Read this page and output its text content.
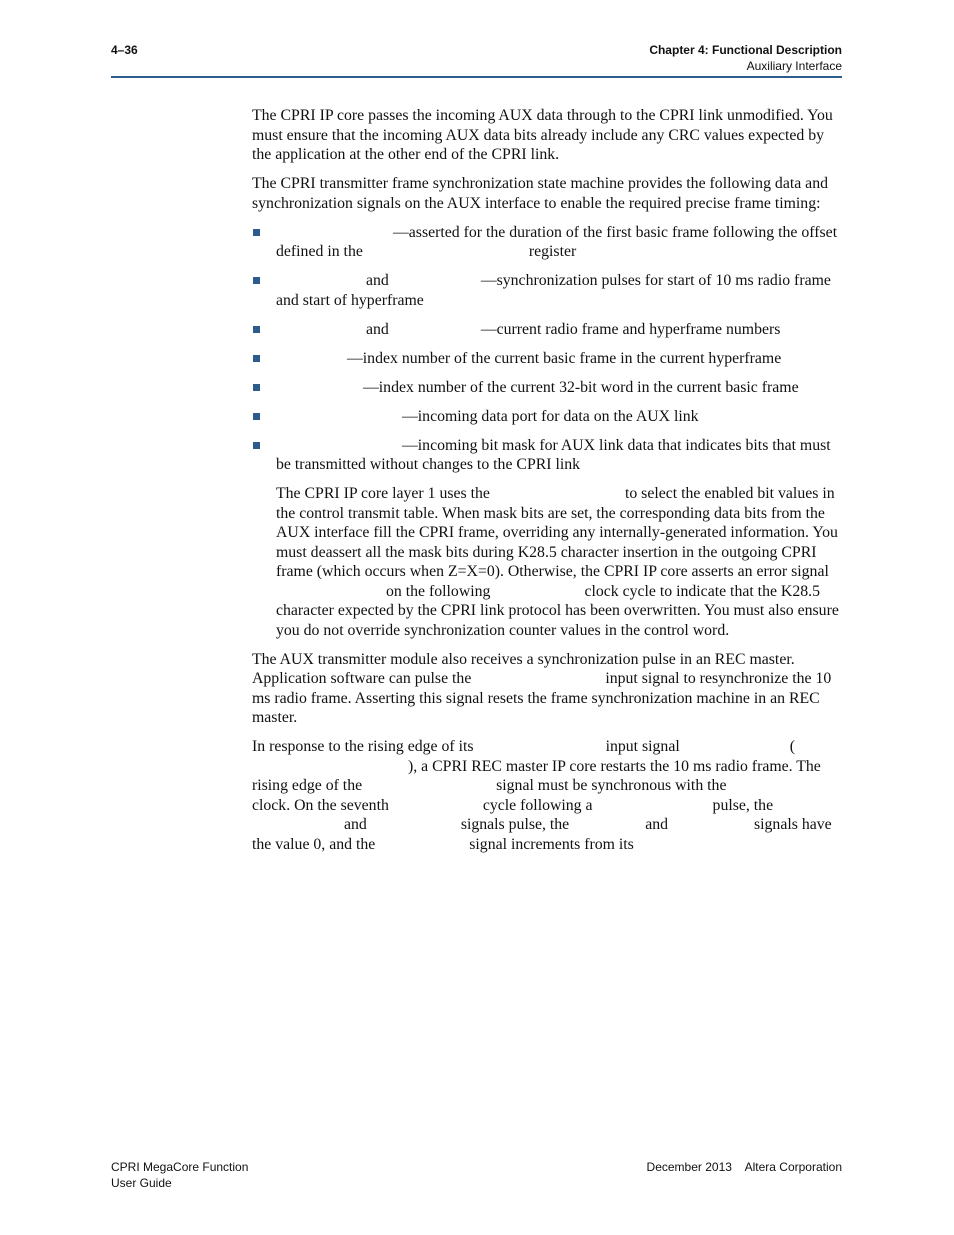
4–36	Chapter 4: Functional Description
Auxiliary Interface

The CPRI IP core passes the incoming AUX data through to the CPRI link unmodified. You must ensure that the incoming AUX data bits already include any CRC values expected by the application at the other end of the CPRI link.

The CPRI transmitter frame synchronization state machine provides the following data and synchronization signals on the AUX interface to enable the required precise frame timing:

—asserted for the duration of the first basic frame following the offset defined in the	register
and	—synchronization pulses for start of 10 ms radio frame and start of hyperframe
and	—current radio frame and hyperframe numbers
—index number of the current basic frame in the current hyperframe
—index number of the current 32-bit word in the current basic frame
—incoming data port for data on the AUX link
—incoming bit mask for AUX link data that indicates bits that must be transmitted without changes to the CPRI link

The CPRI IP core layer 1 uses the	to select the enabled bit values in the control transmit table. When mask bits are set, the corresponding data bits from the AUX interface fill the CPRI frame, overriding any internally-generated information. You must deassert all the mask bits during K28.5 character insertion in the outgoing CPRI frame (which occurs when Z=X=0). Otherwise, the CPRI IP core asserts an error signalon the following	clock cycle to indicate that the K28.5 character expected by the CPRI link protocol has been overwritten. You must also ensure you do not override synchronization counter values in the control word.

The AUX transmitter module also receives a synchronization pulse in an REC master. Application software can pulse the	input signal to resynchronize the 10 ms radio frame. Asserting this signal resets the frame synchronization machine in an REC master.

In response to the rising edge of its	input signal	(), a CPRI REC master IP core restarts the 10 ms radio frame. The rising edge of the	signal must be synchronous with theclock. On the seventh	cycle following a	pulse, theand	signals pulse, the	and	signals have the value 0, and the	signal increments from its

CPRI MegaCore Function
User Guide
December 2013    Altera Corporation
